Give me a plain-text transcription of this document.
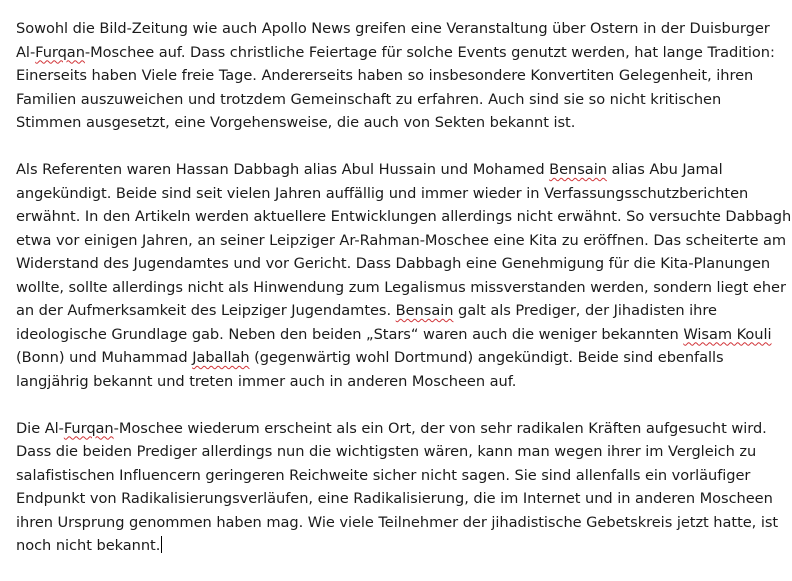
Sowohl die Bild-Zeitung wie auch Apollo News greifen eine Veranstaltung über Ostern in der Duisburger
Al-Furqan-Moschee auf. Dass christliche Feiertage für solche Events genutzt werden, hat lange Tradition:
Einerseits haben Viele freie Tage. Andererseits haben so insbesondere Konvertiten Gelegenheit, ihren
Familien auszuweichen und trotzdem Gemeinschaft zu erfahren. Auch sind sie so nicht kritischen
Stimmen ausgesetzt, eine Vorgehensweise, die auch von Sekten bekannt ist.
Als Referenten waren Hassan Dabbagh alias Abul Hussain und Mohamed Bensain alias Abu Jamal
angekündigt. Beide sind seit vielen Jahren auffällig und immer wieder in Verfassungsschutzberichten
erwähnt. In den Artikeln werden aktuellere Entwicklungen allerdings nicht erwähnt. So versuchte Dabbagh
etwa vor einigen Jahren, an seiner Leipziger Ar-Rahman-Moschee eine Kita zu eröffnen. Das scheiterte am
Widerstand des Jugendamtes und vor Gericht. Dass Dabbagh eine Genehmigung für die Kita-Planungen
wollte, sollte allerdings nicht als Hinwendung zum Legalismus missverstanden werden, sondern liegt eher
an der Aufmerksamkeit des Leipziger Jugendamtes. Bensain galt als Prediger, der Jihadisten ihre
ideologische Grundlage gab. Neben den beiden „Stars“ waren auch die weniger bekannten Wisam Kouli
(Bonn) und Muhammad Jaballah (gegenwärtig wohl Dortmund) angekündigt. Beide sind ebenfalls
langjährig bekannt und treten immer auch in anderen Moscheen auf.
Die Al-Furqan-Moschee wiederum erscheint als ein Ort, der von sehr radikalen Kräften aufgesucht wird.
Dass die beiden Prediger allerdings nun die wichtigsten wären, kann man wegen ihrer im Vergleich zu
salafistischen Influencern geringeren Reichweite sicher nicht sagen. Sie sind allenfalls ein vorläufiger
Endpunkt von Radikalisierungsverläufen, eine Radikalisierung, die im Internet und in anderen Moscheen
ihren Ursprung genommen haben mag. Wie viele Teilnehmer der jihadistische Gebetskreis jetzt hatte, ist
noch nicht bekannt.
